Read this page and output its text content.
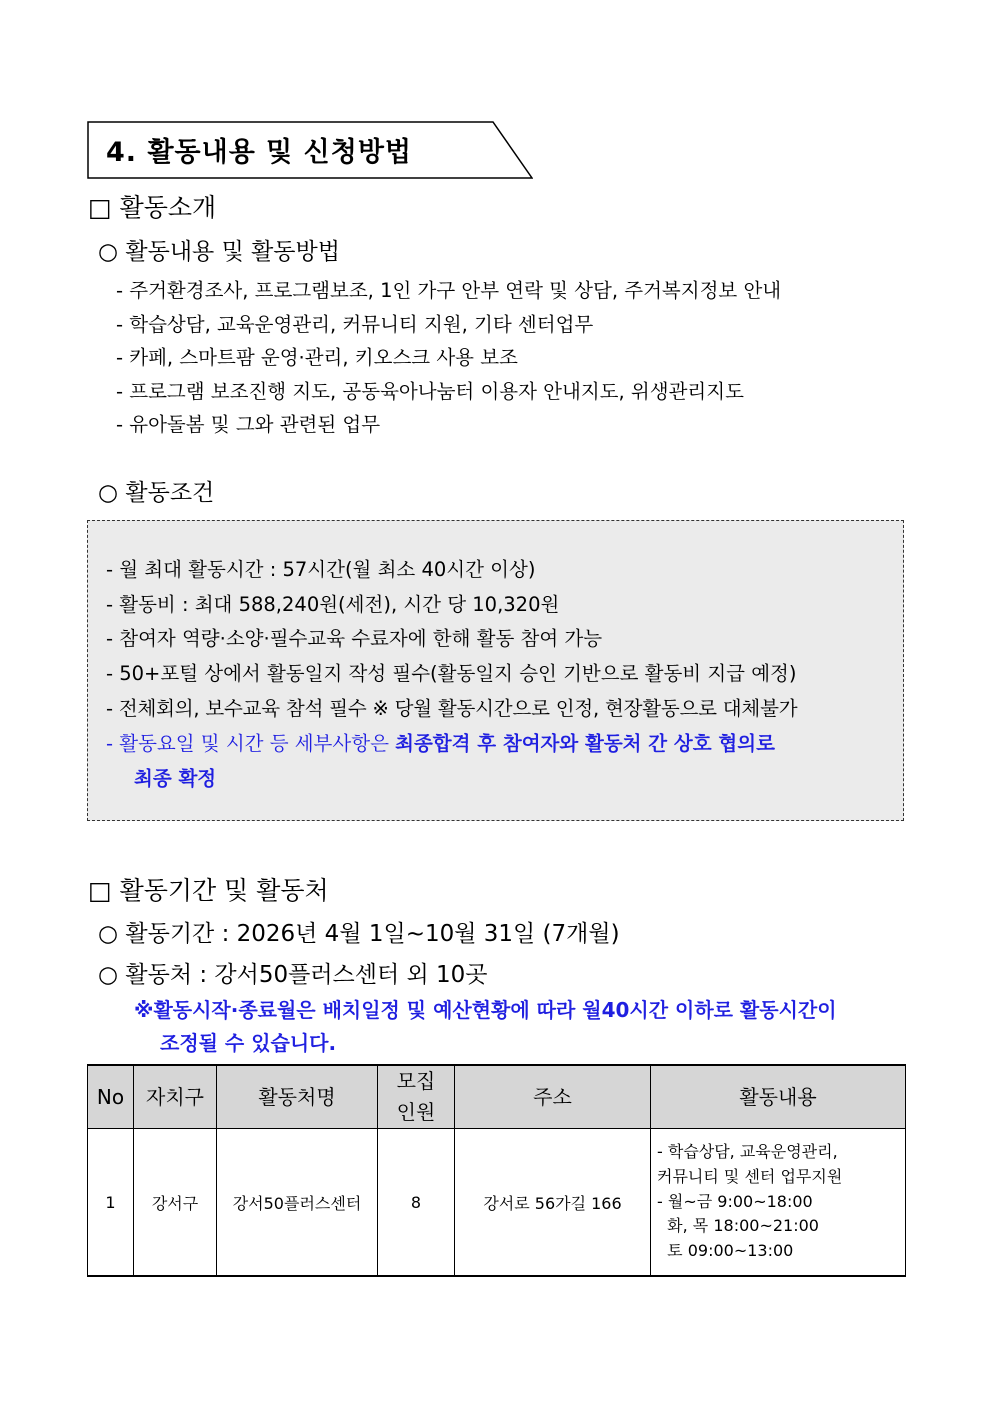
4. 활동내용 및 신청방법
□ 활동소개
○ 활동내용 및 활동방법
- 주거환경조사, 프로그램보조, 1인 가구 안부 연락 및 상담, 주거복지정보 안내
- 학습상담, 교육운영관리, 커뮤니티 지원, 기타 센터업무
- 카페, 스마트팜 운영·관리, 키오스크 사용 보조
- 프로그램 보조진행 지도, 공동육아나눔터 이용자 안내지도, 위생관리지도
- 유아돌봄 및 그와 관련된 업무
○ 활동조건
- 월 최대 활동시간 : 57시간(월 최소 40시간 이상)
- 활동비 : 최대 588,240원(세전), 시간 당 10,320원
- 참여자 역량·소양·필수교육 수료자에 한해 활동 참여 가능
- 50+포털 상에서 활동일지 작성 필수(활동일지 승인 기반으로 활동비 지급 예정)
- 전체회의, 보수교육 참석 필수 ※ 당월 활동시간으로 인정, 현장활동으로 대체불가
- 활동요일 및 시간 등 세부사항은 최종합격 후 참여자와 활동처 간 상호 협의로
최종 확정
□ 활동기간 및 활동처
○ 활동기간 : 2026년 4월 1일~10월 31일 (7개월)
○ 활동처 : 강서50플러스센터 외 10곳
※활동시작·종료월은 배치일정 및 예산현황에 따라 월40시간 이하로 활동시간이
조정될 수 있습니다.
No	자치구	활동처명	모집
인원	주소	활동내용
1	강서구	강서50플러스센터	8	강서로 56가길 166	- 학습상담, 교육운영관리,
커뮤니티 및 센터 업무지원
- 월~금 9:00~18:00
화, 목 18:00~21:00
토 09:00~13:00
